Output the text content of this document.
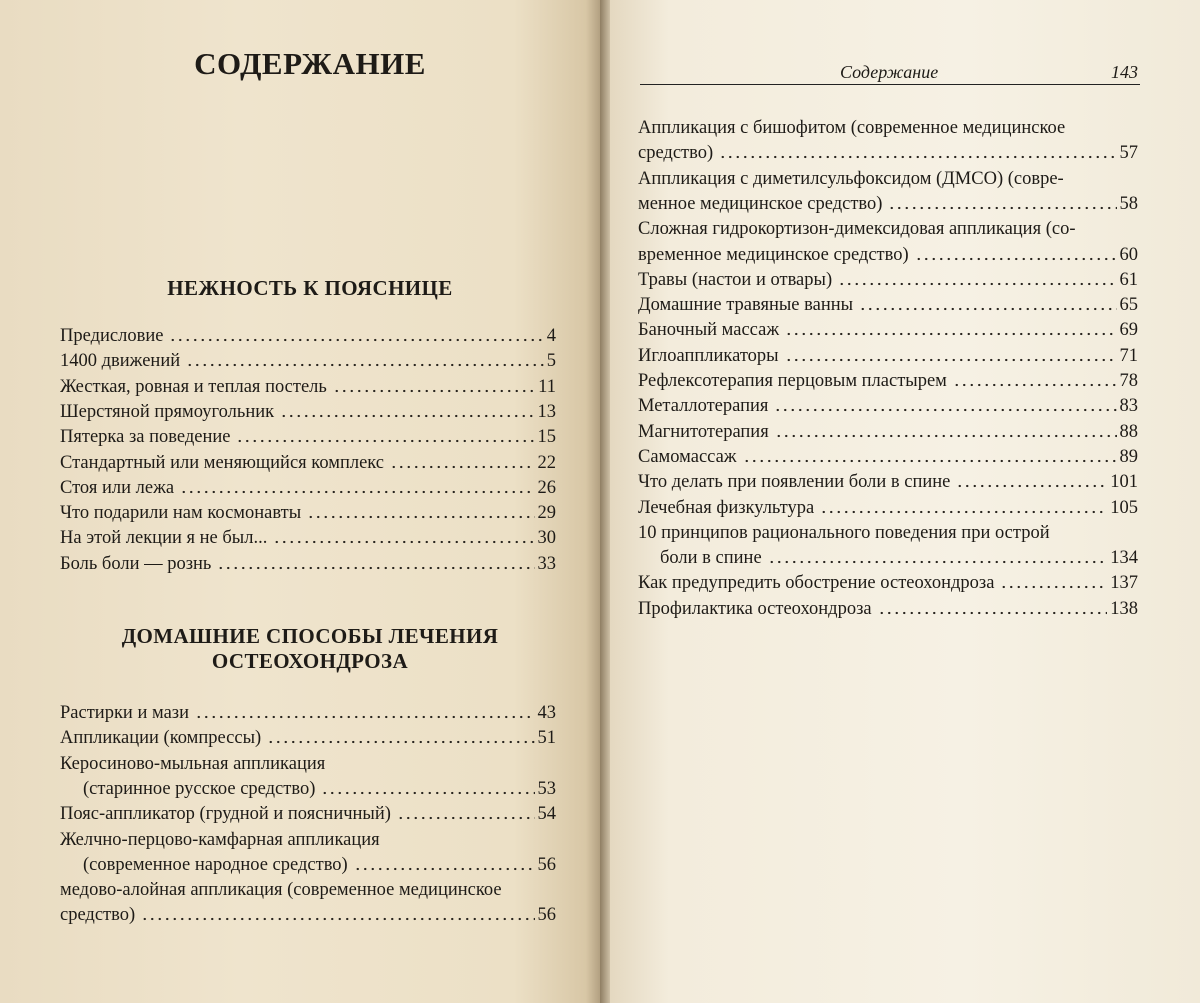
СОДЕРЖАНИЕ	Содержание	143
НЕЖНОСТЬ К ПОЯСНИЦЕ
Предисловие	4
1400 движений	5
Жесткая, ровная и теплая постель	11
Шерстяной прямоугольник	13
Пятерка за поведение	15
Стандартный или меняющийся комплекс	22
Стоя или лежа	26
Что подарили нам космонавты	29
На этой лекции я не был...	30
Боль боли — рознь	33
ДОМАШНИЕ СПОСОБЫ ЛЕЧЕНИЯ
ОСТЕОХОНДРОЗА
Растирки и мази	43
Аппликации (компрессы)	51
Керосиново-мыльная аппликация
(старинное русское средство)	53
Пояс-аппликатор (грудной и поясничный)	54
Желчно-перцово-камфарная аппликация
(современное народное средство)	56
медово-алойная аппликация (современное медицинское
средство)	56
Аппликация с бишофитом (современное медицинское
средство)	57
Аппликация с диметилсульфоксидом (ДМСО) (совре-
менное медицинское средство)	58
Сложная гидрокортизон-димексидовая аппликация (со-
временное медицинское средство)	60
Травы (настои и отвары)	61
Домашние травяные ванны	65
Баночный массаж	69
Иглоаппликаторы	71
Рефлексотерапия перцовым пластырем	78
Металлотерапия	83
Магнитотерапия	88
Самомассаж	89
Что делать при появлении боли в спине	101
Лечебная физкультура	105
10 принципов рационального поведения при острой
боли в спине	134
Как предупредить обострение остеохондроза	137
Профилактика остеохондроза	138
